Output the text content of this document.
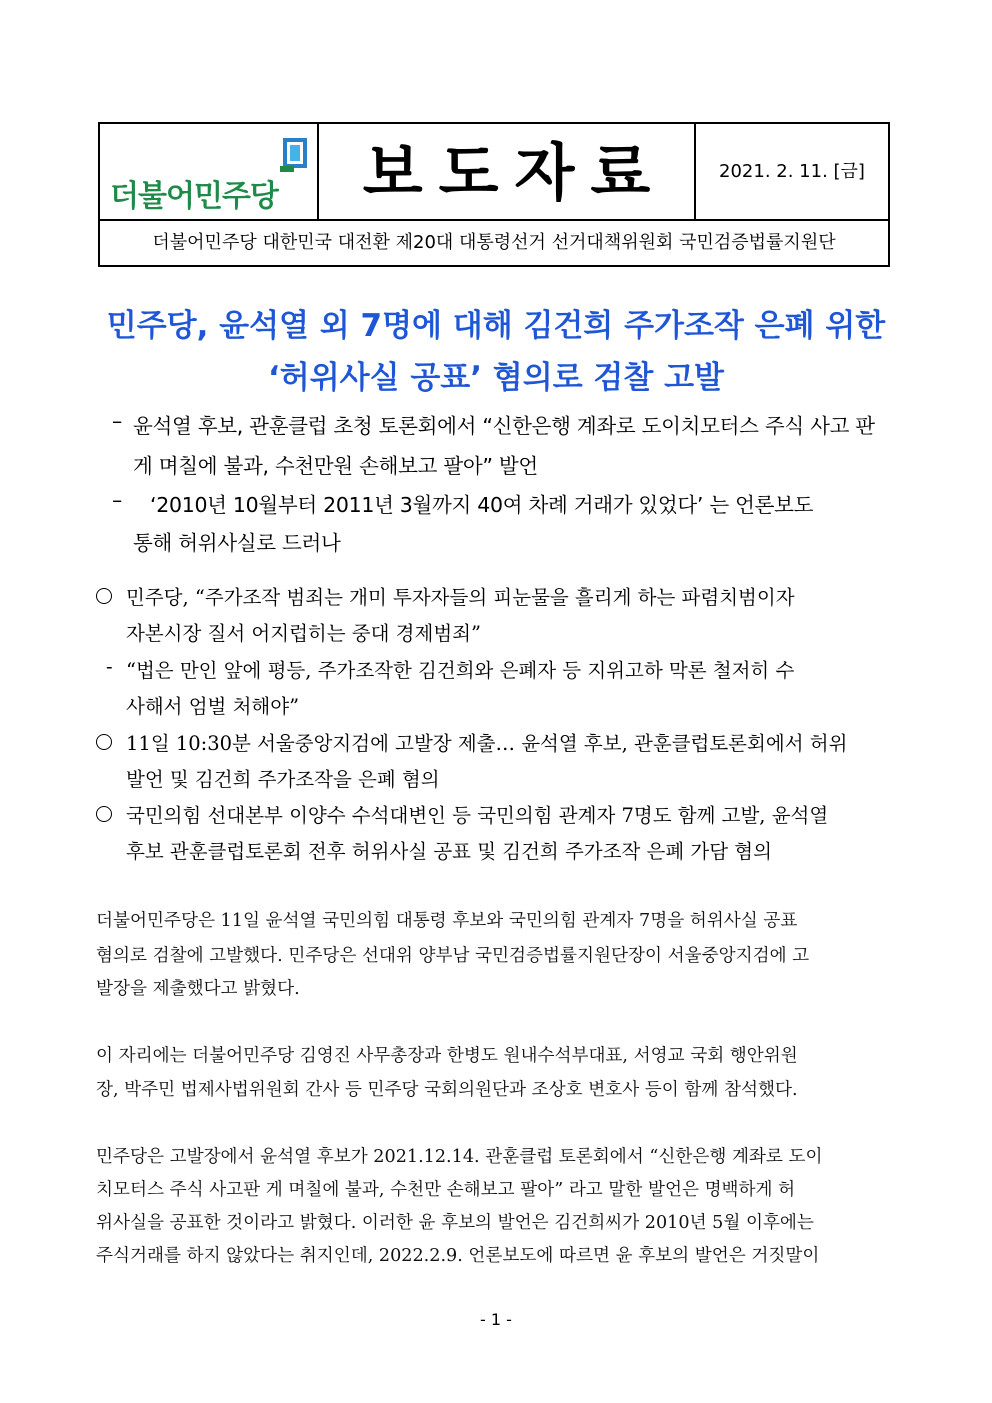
더불어민주당	보도자료	2021. 2. 11. [금]
더불어민주당 대한민국 대전환 제20대 대통령선거 선거대책위원회 국민검증법률지원단
민주당, 윤석열 외 7명에 대해 김건희 주가조작 은폐 위한
‘허위사실 공표’ 혐의로 검찰 고발
– 윤석열 후보, 관훈클럽 초청 토론회에서 “신한은행 계좌로 도이치모터스 주식 사고 판
게 며칠에 불과, 수천만원 손해보고 팔아” 발언
– ‘2010년 10월부터 2011년 3월까지 40여 차례 거래가 있었다’ 는 언론보도
통해 허위사실로 드러나
민주당, “주가조작 범죄는 개미 투자자들의 피눈물을 흘리게 하는 파렴치범이자
자본시장 질서 어지럽히는 중대 경제범죄”
- “법은 만인 앞에 평등, 주가조작한 김건희와 은폐자 등 지위고하 막론 철저히 수
사해서 엄벌 처해야”
11일 10:30분 서울중앙지검에 고발장 제출… 윤석열 후보, 관훈클럽토론회에서 허위
발언 및 김건희 주가조작을 은폐 혐의
국민의힘 선대본부 이양수 수석대변인 등 국민의힘 관계자 7명도 함께 고발, 윤석열
후보 관훈클럽토론회 전후 허위사실 공표 및 김건희 주가조작 은폐 가담 혐의
더불어민주당은 11일 윤석열 국민의힘 대통령 후보와 국민의힘 관계자 7명을 허위사실 공표
혐의로 검찰에 고발했다. 민주당은 선대위 양부남 국민검증법률지원단장이 서울중앙지검에 고
발장을 제출했다고 밝혔다.
이 자리에는 더불어민주당 김영진 사무총장과 한병도 원내수석부대표, 서영교 국회 행안위원
장, 박주민 법제사법위원회 간사 등 민주당 국회의원단과 조상호 변호사 등이 함께 참석했다.
민주당은 고발장에서 윤석열 후보가 2021.12.14. 관훈클럽 토론회에서 “신한은행 계좌로 도이
치모터스 주식 사고판 게 며칠에 불과, 수천만 손해보고 팔아” 라고 말한 발언은 명백하게 허
위사실을 공표한 것이라고 밝혔다. 이러한 윤 후보의 발언은 김건희씨가 2010년 5월 이후에는
주식거래를 하지 않았다는 취지인데, 2022.2.9. 언론보도에 따르면 윤 후보의 발언은 거짓말이
- 1 -
